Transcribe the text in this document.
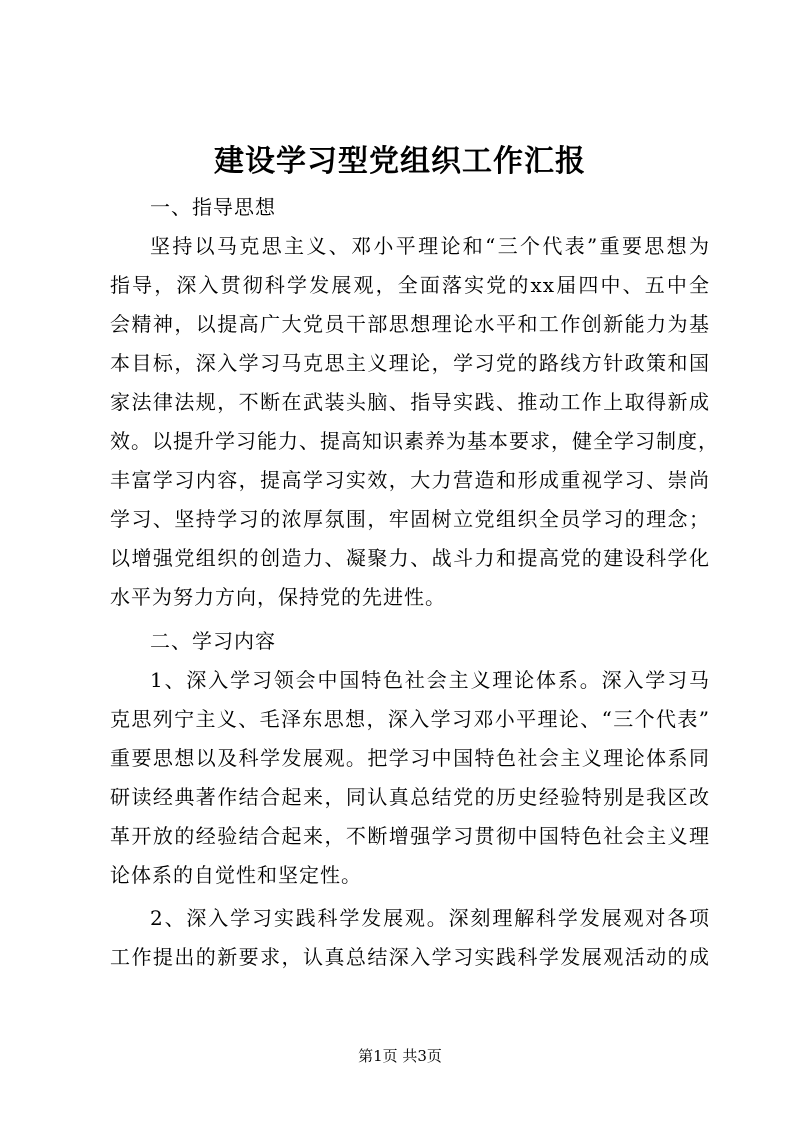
建设学习型党组织工作汇报
一、指导思想
坚持以马克思主义、邓小平理论和“三个代表”重要思想为
指导，深入贯彻科学发展观，全面落实党的xx届四中、五中全
会精神，以提高广大党员干部思想理论水平和工作创新能力为基
本目标，深入学习马克思主义理论，学习党的路线方针政策和国
家法律法规，不断在武装头脑、指导实践、推动工作上取得新成
效。以提升学习能力、提高知识素养为基本要求，健全学习制度，
丰富学习内容，提高学习实效，大力营造和形成重视学习、崇尚
学习、坚持学习的浓厚氛围，牢固树立党组织全员学习的理念；
以增强党组织的创造力、凝聚力、战斗力和提高党的建设科学化
水平为努力方向，保持党的先进性。
二、学习内容
1、深入学习领会中国特色社会主义理论体系。深入学习马
克思列宁主义、毛泽东思想，深入学习邓小平理论、“三个代表”
重要思想以及科学发展观。把学习中国特色社会主义理论体系同
研读经典著作结合起来，同认真总结党的历史经验特别是我区改
革开放的经验结合起来，不断增强学习贯彻中国特色社会主义理
论体系的自觉性和坚定性。
2、深入学习实践科学发展观。深刻理解科学发展观对各项
工作提出的新要求，认真总结深入学习实践科学发展观活动的成
第1页 共3页
